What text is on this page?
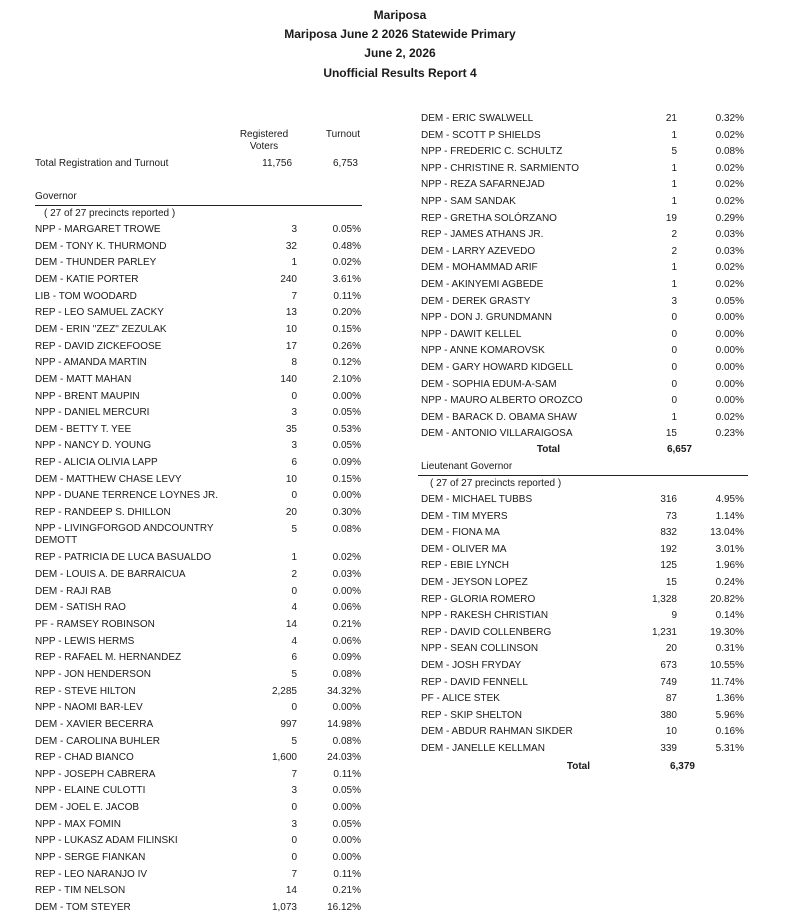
Mariposa
Mariposa June 2 2026 Statewide Primary
June 2, 2026
Unofficial Results Report 4
Registered
Voters
Turnout
Total Registration and Turnout	11,756	6,753
Governor
( 27 of 27 precincts reported )
NPP - MARGARET TROWE	3	0.05%
DEM - TONY K. THURMOND	32	0.48%
DEM - THUNDER PARLEY	1	0.02%
DEM - KATIE PORTER	240	3.61%
LIB - TOM WOODARD	7	0.11%
REP - LEO SAMUEL ZACKY	13	0.20%
DEM - ERIN "ZEZ" ZEZULAK	10	0.15%
REP - DAVID ZICKEFOOSE	17	0.26%
NPP - AMANDA MARTIN	8	0.12%
DEM - MATT MAHAN	140	2.10%
NPP - BRENT MAUPIN	0	0.00%
NPP - DANIEL MERCURI	3	0.05%
DEM - BETTY T. YEE	35	0.53%
NPP - NANCY D. YOUNG	3	0.05%
REP - ALICIA OLIVIA LAPP	6	0.09%
DEM - MATTHEW CHASE LEVY	10	0.15%
NPP - DUANE TERRENCE LOYNES JR.	0	0.00%
REP - RANDEEP S. DHILLON	20	0.30%
NPP - LIVINGFORGOD ANDCOUNTRY DEMOTT
5	0.08%
REP - PATRICIA DE LUCA BASUALDO	1	0.02%
DEM - LOUIS A. DE BARRAICUA	2	0.03%
DEM - RAJI RAB	0	0.00%
DEM - SATISH RAO	4	0.06%
PF - RAMSEY ROBINSON	14	0.21%
NPP - LEWIS HERMS	4	0.06%
REP - RAFAEL M. HERNANDEZ	6	0.09%
NPP - JON HENDERSON	5	0.08%
REP - STEVE HILTON	2,285	34.32%
NPP - NAOMI BAR-LEV	0	0.00%
DEM - XAVIER BECERRA	997	14.98%
DEM - CAROLINA BUHLER	5	0.08%
REP - CHAD BIANCO	1,600	24.03%
NPP - JOSEPH CABRERA	7	0.11%
NPP - ELAINE CULOTTI	3	0.05%
DEM - JOEL E. JACOB	0	0.00%
NPP - MAX FOMIN	3	0.05%
NPP - LUKASZ ADAM FILINSKI	0	0.00%
NPP - SERGE FIANKAN	0	0.00%
REP - LEO NARANJO IV	7	0.11%
REP - TIM NELSON	14	0.21%
DEM - TOM STEYER	1,073	16.12%
DEM - ERIC SWALWELL	21	0.32%
DEM - SCOTT P SHIELDS	1	0.02%
NPP - FREDERIC C. SCHULTZ	5	0.08%
NPP - CHRISTINE R. SARMIENTO	1	0.02%
NPP - REZA SAFARNEJAD	1	0.02%
NPP - SAM SANDAK	1	0.02%
REP - GRETHA SOLÓRZANO	19	0.29%
REP - JAMES ATHANS JR.	2	0.03%
DEM - LARRY AZEVEDO	2	0.03%
DEM - MOHAMMAD ARIF	1	0.02%
DEM - AKINYEMI AGBEDE	1	0.02%
DEM - DEREK GRASTY	3	0.05%
NPP - DON J. GRUNDMANN	0	0.00%
NPP - DAWIT KELLEL	0	0.00%
NPP - ANNE KOMAROVSK	0	0.00%
DEM - GARY HOWARD KIDGELL	0	0.00%
DEM - SOPHIA EDUM-A-SAM	0	0.00%
NPP - MAURO ALBERTO OROZCO	0	0.00%
DEM - BARACK D. OBAMA SHAW	1	0.02%
DEM - ANTONIO VILLARAIGOSA	15	0.23%
Total	6,657
Lieutenant Governor
( 27 of 27 precincts reported )
DEM - MICHAEL TUBBS	316	4.95%
DEM - TIM MYERS	73	1.14%
DEM - FIONA MA	832	13.04%
DEM - OLIVER MA	192	3.01%
REP - EBIE LYNCH	125	1.96%
DEM - JEYSON LOPEZ	15	0.24%
REP - GLORIA ROMERO	1,328	20.82%
NPP - RAKESH CHRISTIAN	9	0.14%
REP - DAVID COLLENBERG	1,231	19.30%
NPP - SEAN COLLINSON	20	0.31%
DEM - JOSH FRYDAY	673	10.55%
REP - DAVID FENNELL	749	11.74%
PF - ALICE STEK	87	1.36%
REP - SKIP SHELTON	380	5.96%
DEM - ABDUR RAHMAN SIKDER	10	0.16%
DEM - JANELLE KELLMAN	339	5.31%
Total	6,379
